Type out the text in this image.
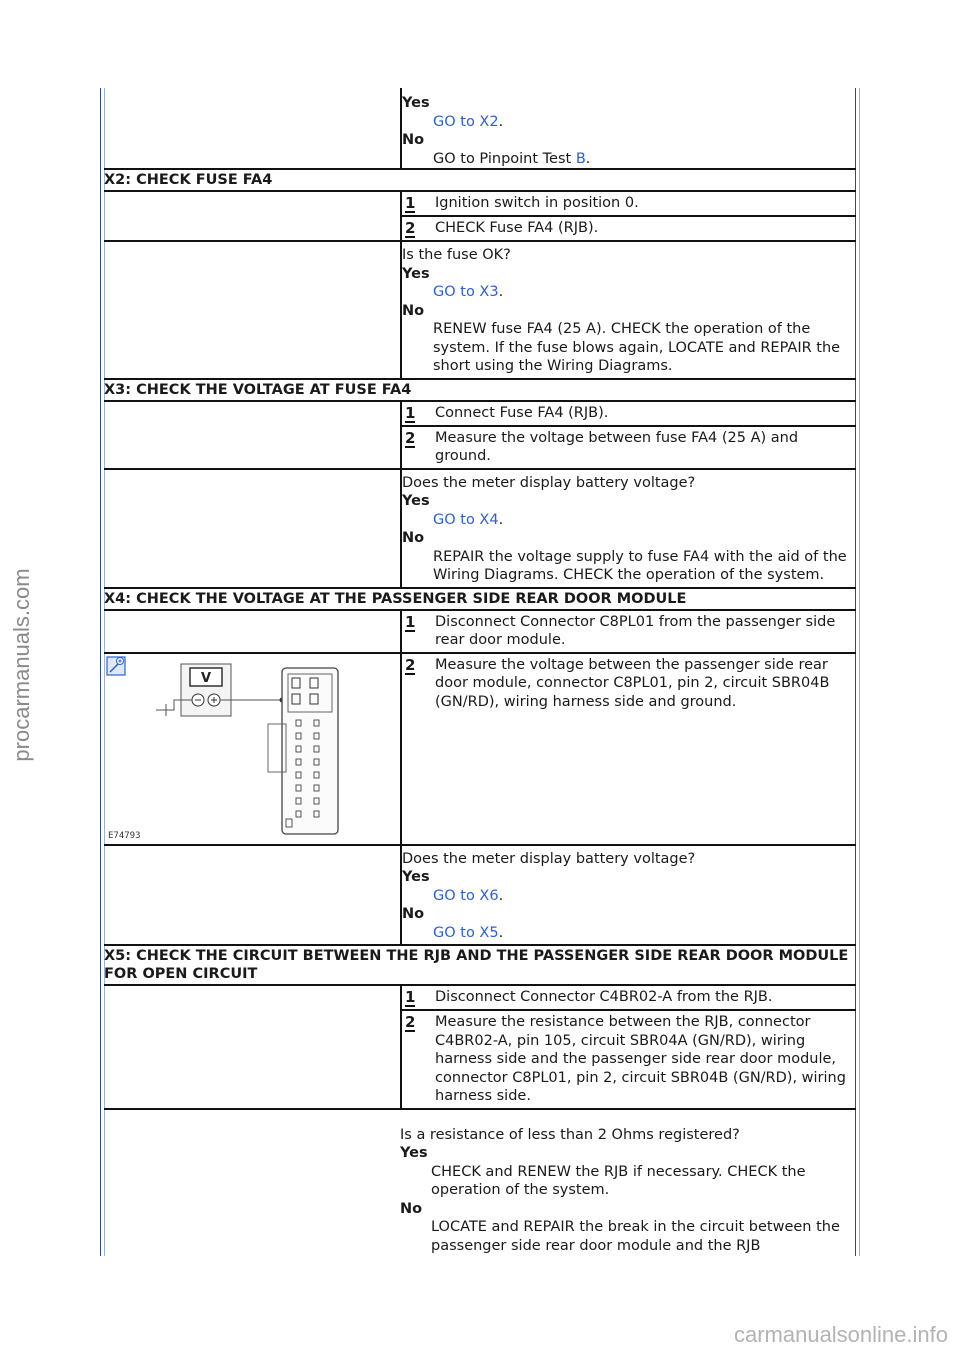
procarmanuals.com
carmanualsonline.info
Yes
GO to X2.
No
GO to Pinpoint Test B.
X2: CHECK FUSE FA4
1	Ignition switch in position 0.
2	CHECK Fuse FA4 (RJB).
Is the fuse OK?
Yes
GO to X3.
No
RENEW fuse FA4 (25 A). CHECK the operation of the system. If the fuse blows again, LOCATE and REPAIR the short using the Wiring Diagrams.
X3: CHECK THE VOLTAGE AT FUSE FA4
1	Connect Fuse FA4 (RJB).
2	Measure the voltage between fuse FA4 (25 A) and ground.
Does the meter display battery voltage?
Yes
GO to X4.
No
REPAIR the voltage supply to fuse FA4 with the aid of the Wiring Diagrams. CHECK the operation of the system.
X4: CHECK THE VOLTAGE AT THE PASSENGER SIDE REAR DOOR MODULE
1	Disconnect Connector C8PL01 from the passenger side rear door module.
V
E74793
2	Measure the voltage between the passenger side rear door module, connector C8PL01, pin 2, circuit SBR04B (GN/RD), wiring harness side and ground.
Does the meter display battery voltage?
Yes
GO to X6.
No
GO to X5.
X5: CHECK THE CIRCUIT BETWEEN THE RJB AND THE PASSENGER SIDE REAR DOOR MODULE FOR OPEN CIRCUIT
1	Disconnect Connector C4BR02-A from the RJB.
2	Measure the resistance between the RJB, connector C4BR02-A, pin 105, circuit SBR04A (GN/RD), wiring harness side and the passenger side rear door module, connector C8PL01, pin 2, circuit SBR04B (GN/RD), wiring harness side.
Is a resistance of less than 2 Ohms registered?
Yes
CHECK and RENEW the RJB if necessary. CHECK the operation of the system.
No
LOCATE and REPAIR the break in the circuit between the passenger side rear door module and the RJB
